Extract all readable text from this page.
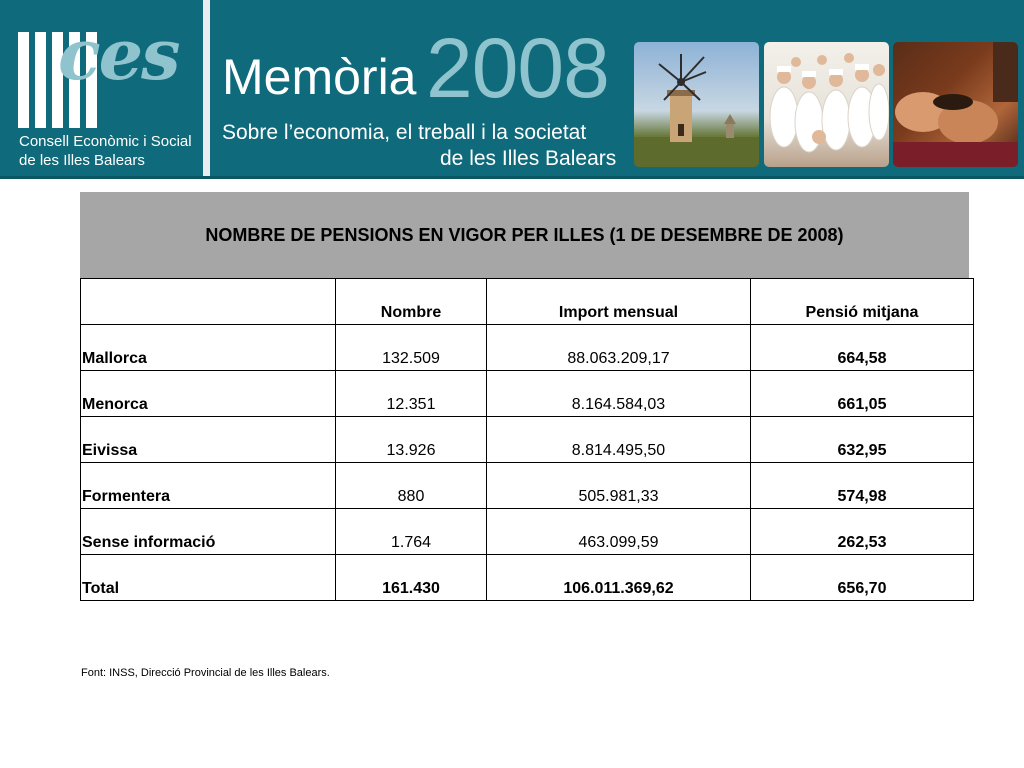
ces
Consell Econòmic i Social
de les Illes Balears
Memòria 2008
Sobre l’economia, el treball i la societat
de les Illes Balears
NOMBRE DE PENSIONS EN VIGOR PER ILLES (1 DE DESEMBRE DE 2008)
	Nombre	Import mensual	Pensió mitjana
Mallorca	132.509	88.063.209,17	664,58
Menorca	12.351	8.164.584,03	661,05
Eivissa	13.926	8.814.495,50	632,95
Formentera	880	505.981,33	574,98
Sense informació	1.764	463.099,59	262,53
Total	161.430	106.011.369,62	656,70
Font: INSS, Direcció Provincial de les Illes Balears.
